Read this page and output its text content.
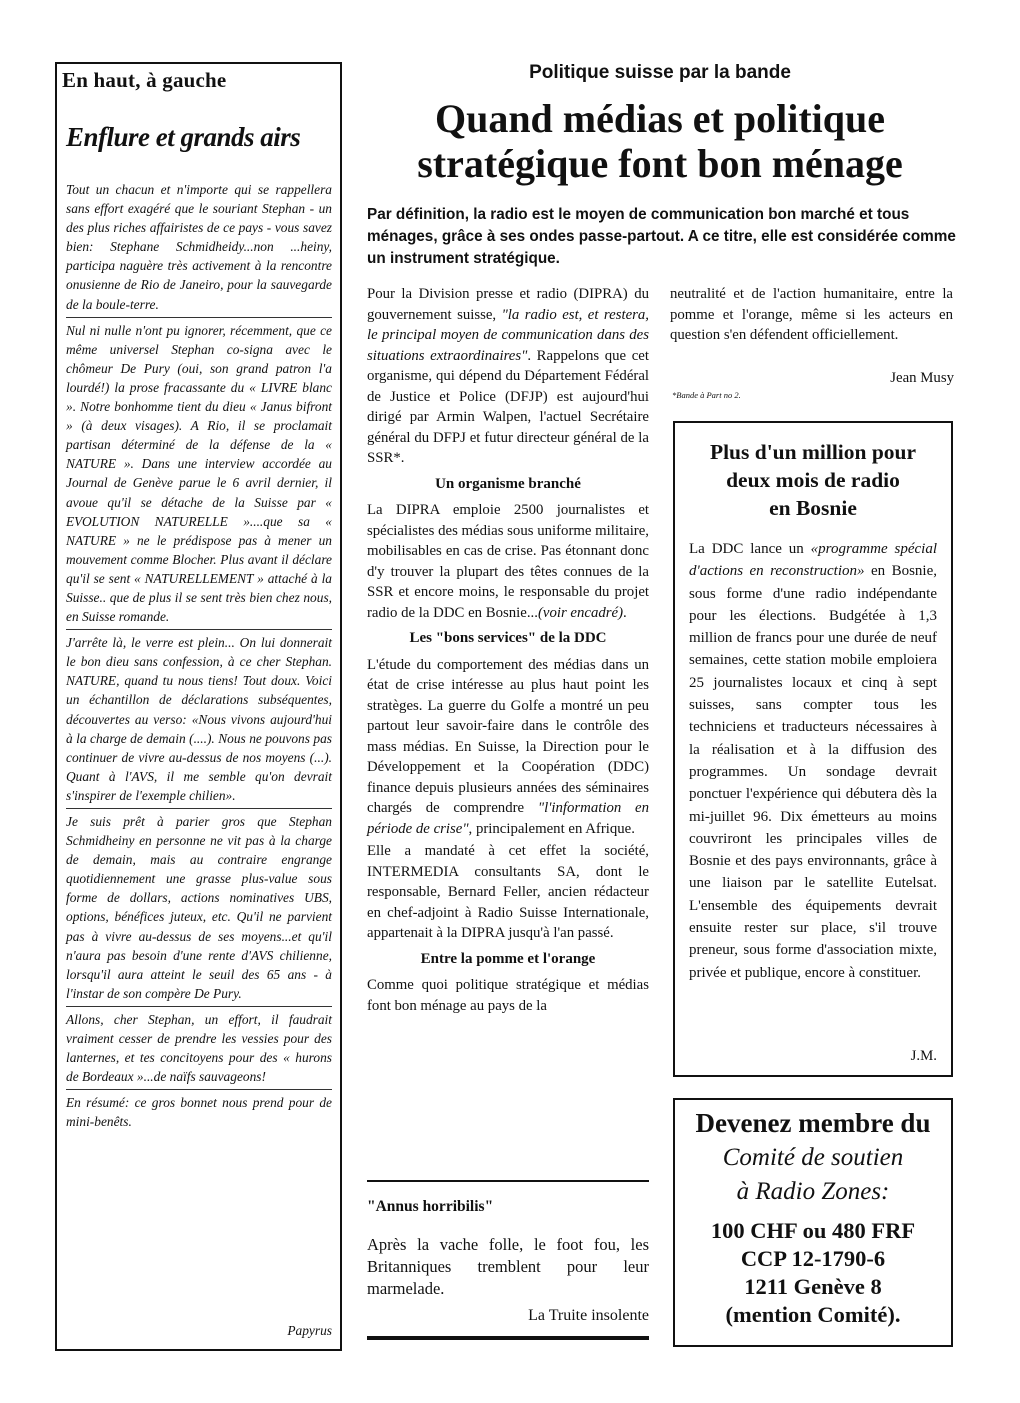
En haut, à gauche
Enflure et grands airs

Tout un chacun et n'importe qui se rappellera sans effort exagéré que le souriant Stephan - un des plus riches affairistes de ce pays - vous savez bien: Stephane Schmidheidy...non ...heiny, participa naguère très activement à la rencontre onusienne de Rio de Janeiro, pour la sauvegarde de la boule-terre.

Nul ni nulle n'ont pu ignorer, récemment, que ce même universel Stephan co-signa avec le chômeur De Pury (oui, son grand patron l'a lourdé!) la prose fracassante du « LIVRE blanc ». Notre bonhomme tient du dieu « Janus bifront » (à deux visages). A Rio, il se proclamait partisan déterminé de la défense de la « NATURE ». Dans une interview accordée au Journal de Genève parue le 6 avril dernier, il avoue qu'il se détache de la Suisse par « EVOLUTION NATURELLE »....que sa « NATURE » ne le prédispose pas à mener un mouvement comme Blocher. Plus avant il déclare qu'il se sent « NATURELLEMENT » attaché à la Suisse.. que de plus il se sent très bien chez nous, en Suisse romande.

J'arrête là, le verre est plein... On lui donnerait le bon dieu sans confession, à ce cher Stephan. NATURE, quand tu nous tiens! Tout doux. Voici un échantillon de déclarations subséquentes, découvertes au verso: «Nous vivons aujourd'hui à la charge de demain (....). Nous ne pouvons pas continuer de vivre au-dessus de nos moyens (...). Quant à l'AVS, il me semble qu'on devrait s'inspirer de l'exemple chilien».

Je suis prêt à parier gros que Stephan Schmidheiny en personne ne vit pas à la charge de demain, mais au contraire engrange quotidiennement une grasse plus-value sous forme de dollars, actions nominatives UBS, options, bénéfices juteux, etc. Qu'il ne parvient pas à vivre au-dessus de ses moyens...et qu'il n'aura pas besoin d'une rente d'AVS chilienne, lorsqu'il aura atteint le seuil des 65 ans - à l'instar de son compère De Pury.

Allons, cher Stephan, un effort, il faudrait vraiment cesser de prendre les vessies pour des lanternes, et tes concitoyens pour des « hurons de Bordeaux »...de naïfs sauvageons!

En résumé: ce gros bonnet nous prend pour de mini-benêts.

Papyrus
Politique suisse par la bande
Quand médias et politique
stratégique font bon ménage
Par définition, la radio est le moyen de communication bon marché et tous ménages, grâce à ses ondes passe-partout. A ce titre, elle est considérée comme un instrument stratégique.

Pour la Division presse et radio (DIPRA) du gouvernement suisse, "la radio est, et restera, le principal moyen de communication dans des situations extraordinaires". Rappelons que cet organisme, qui dépend du Département Fédéral de Justice et Police (DFJP) est aujourd'hui dirigé par Armin Walpen, l'actuel Secrétaire général du DFPJ et futur directeur général de la SSR*.

Un organisme branché

La DIPRA emploie 2500 journalistes et spécialistes des médias sous uniforme militaire, mobilisables en cas de crise. Pas étonnant donc d'y trouver la plupart des têtes connues de la SSR et encore moins, le responsable du projet radio de la DDC en Bosnie...(voir encadré).

Les "bons services" de la DDC

L'étude du comportement des médias dans un état de crise intéresse au plus haut point les stratèges. La guerre du Golfe a montré un peu partout leur savoir-faire dans le contrôle des mass médias. En Suisse, la Direction pour le Développement et la Coopération (DDC) finance depuis plusieurs années des séminaires chargés de comprendre "l'information en période de crise", principalement en Afrique.

Elle a mandaté à cet effet la société, INTERMEDIA consultants SA, dont le responsable, Bernard Feller, ancien rédacteur en chef-adjoint à Radio Suisse Internationale, appartenait à la DIPRA jusqu'à l'an passé.

Entre la pomme et l'orange

Comme quoi politique stratégique et médias font bon ménage au pays de la

neutralité et de l'action humanitaire, entre la pomme et l'orange, même si les acteurs en question s'en défendent officiellement.
Jean Musy
*Bande à Part no 2.
Plus d'un million pour
deux mois de radio
en Bosnie
La DDC lance un «programme spécial d'actions en reconstruction» en Bosnie, sous forme d'une radio indépendante pour les élections. Budgétée à 1,3 million de francs pour une durée de neuf semaines, cette station mobile emploiera 25 journalistes locaux et cinq à sept suisses, sans compter tous les techniciens et traducteurs nécessaires à la réalisation et à la diffusion des programmes. Un sondage devrait ponctuer l'expérience qui débutera dès la mi-juillet 96. Dix émetteurs au moins couvriront les principales villes de Bosnie et des pays environnants, grâce à une liaison par le satellite Eutelsat. L'ensemble des équipements devrait ensuite rester sur place, s'il trouve preneur, sous forme d'association mixte, privée et publique, encore à constituer.
J.M.
"Annus horribilis"
Après la vache folle, le foot fou, les Britanniques tremblent pour leur marmelade.
La Truite insolente
Devenez membre du
Comité de soutien
à Radio Zones:
100 CHF ou 480 FRF
CCP 12-1790-6
1211 Genève 8
(mention Comité).
